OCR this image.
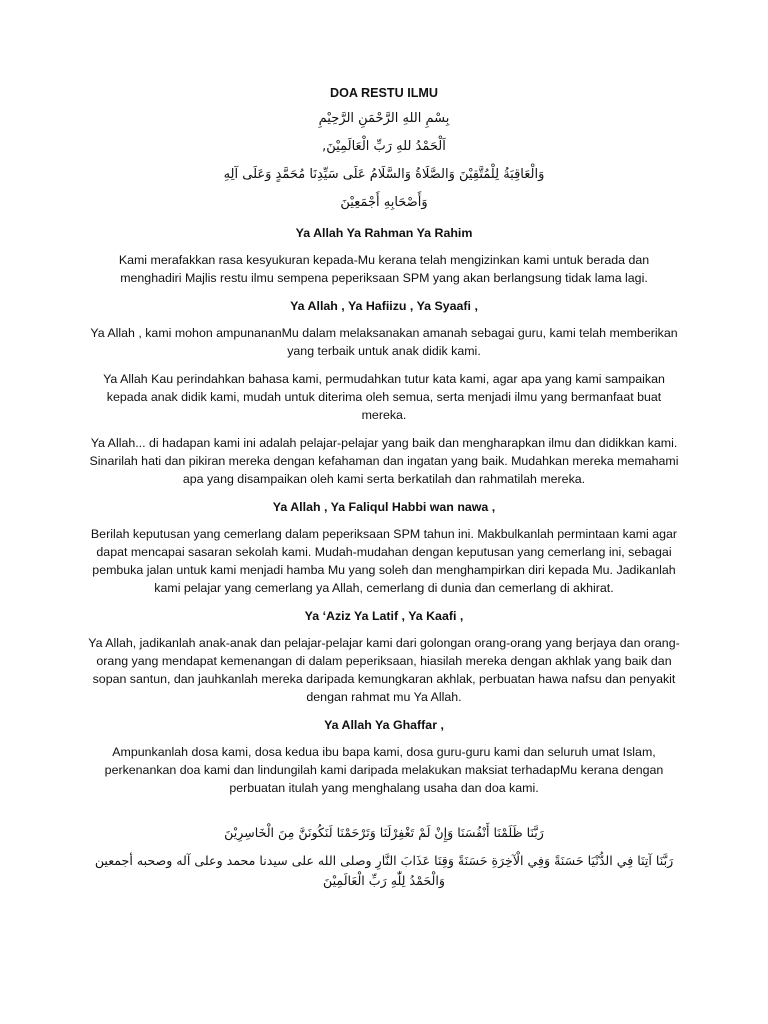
DOA RESTU ILMU
بِسْمِ اللهِ الرَّحْمَنِ الرَّحِيْمِ
اَلْحَمْدُ للهِ رَبِّ الْعَالَمِيْنَ,
وَالْعَاقِبَةُ لِلْمُتَّقِيْنَ وَالصَّلَاةُ وَالسَّلَامُ عَلَى سَيِّدِنَا مُحَمَّدٍ وَعَلَى آلِهِ
وَأَصْحَابِهِ أَجْمَعِيْنَ
Ya Allah Ya Rahman Ya Rahim

Kami merafakkan rasa kesyukuran kepada-Mu kerana telah mengizinkan kami untuk berada dan menghadiri Majlis restu ilmu sempena peperiksaan SPM yang akan berlangsung tidak lama lagi.

Ya Allah , Ya Hafiizu , Ya Syaafi ,

Ya Allah , kami mohon ampunananMu dalam melaksanakan amanah sebagai guru, kami telah memberikan yang terbaik untuk anak didik kami.

Ya Allah Kau perindahkan bahasa kami, permudahkan tutur kata kami, agar apa yang kami sampaikan kepada anak didik kami, mudah untuk diterima oleh semua, serta menjadi ilmu yang bermanfaat buat mereka.

Ya Allah... di hadapan kami ini adalah pelajar-pelajar yang baik dan mengharapkan ilmu dan didikkan kami. Sinarilah hati dan pikiran mereka dengan kefahaman dan ingatan yang baik. Mudahkan mereka memahami apa yang disampaikan oleh kami serta berkatilah dan rahmatilah mereka.

Ya Allah , Ya Faliqul Habbi wan nawa ,

Berilah keputusan yang cemerlang dalam peperiksaan SPM tahun ini. Makbulkanlah permintaan kami agar dapat mencapai sasaran sekolah kami. Mudah-mudahan dengan keputusan yang cemerlang ini, sebagai pembuka jalan untuk kami menjadi hamba Mu yang soleh dan menghampirkan diri kepada Mu. Jadikanlah kami pelajar yang cemerlang ya Allah, cemerlang di dunia dan cemerlang di akhirat.

Ya ‘Aziz Ya Latif , Ya Kaafi ,

Ya Allah, jadikanlah anak-anak dan pelajar-pelajar kami dari golongan orang-orang yang berjaya dan orang-orang yang mendapat kemenangan di dalam peperiksaan, hiasilah mereka dengan akhlak yang baik dan sopan santun, dan jauhkanlah mereka daripada kemungkaran akhlak, perbuatan hawa nafsu dan penyakit dengan rahmat mu Ya Allah.

Ya Allah Ya Ghaffar ,

Ampunkanlah dosa kami, dosa kedua ibu bapa kami, dosa guru-guru kami dan seluruh umat Islam, perkenankan doa kami dan lindungilah kami daripada melakukan maksiat terhadapMu kerana dengan perbuatan itulah yang menghalang usaha dan doa kami.

رَبَّنَا ظَلَمْنَا أَنْفُسَنَا وَإِنْ لَمْ تَغْفِرْلَنَا وَتَرْحَمْنَا لَنَكُونَنَّ مِنَ الْخَاسِرِيْنَ
رَبَّنَا آتِنَا فِي الدُّنْيَا حَسَنَةً وَفِي الْآخِرَةِ حَسَنَةً وَقِنَا عَذَابَ النَّارِ وصلى الله على سيدنا محمد وعلى آله وصحبه أجمعين وَالْحَمْدُ لِلّٰهِ رَبِّ الْعَالَمِيْنَ
